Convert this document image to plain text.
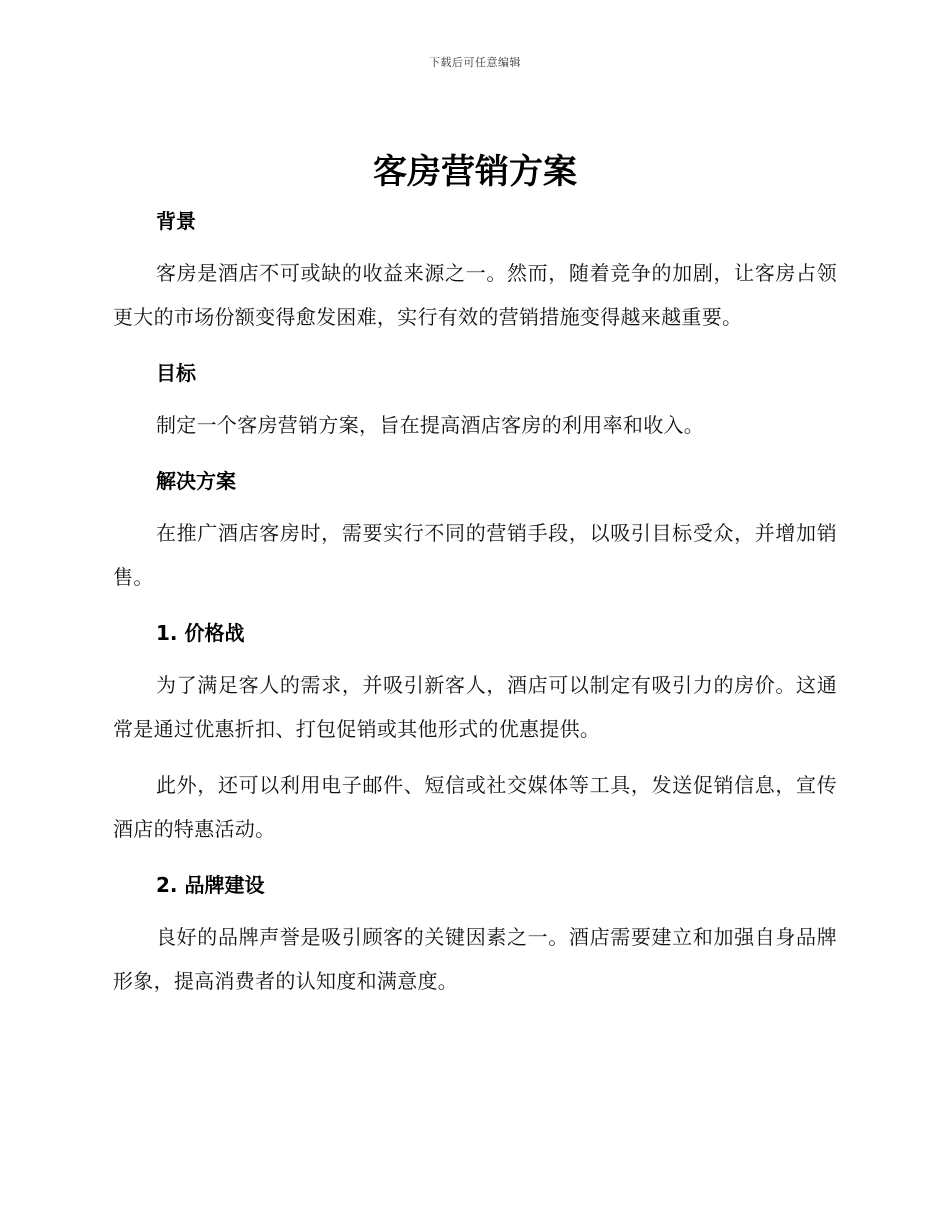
下载后可任意编辑
客房营销方案
背景

客房是酒店不可或缺的收益来源之一。然而，随着竞争的加剧，让客房占领更大的市场份额变得愈发困难，实行有效的营销措施变得越来越重要。

目标

制定一个客房营销方案，旨在提高酒店客房的利用率和收入。

解决方案

在推广酒店客房时，需要实行不同的营销手段，以吸引目标受众，并增加销售。

1. 价格战

为了满足客人的需求，并吸引新客人，酒店可以制定有吸引力的房价。这通常是通过优惠折扣、打包促销或其他形式的优惠提供。

此外，还可以利用电子邮件、短信或社交媒体等工具，发送促销信息，宣传酒店的特惠活动。

2. 品牌建设

良好的品牌声誉是吸引顾客的关键因素之一。酒店需要建立和加强自身品牌形象，提高消费者的认知度和满意度。
